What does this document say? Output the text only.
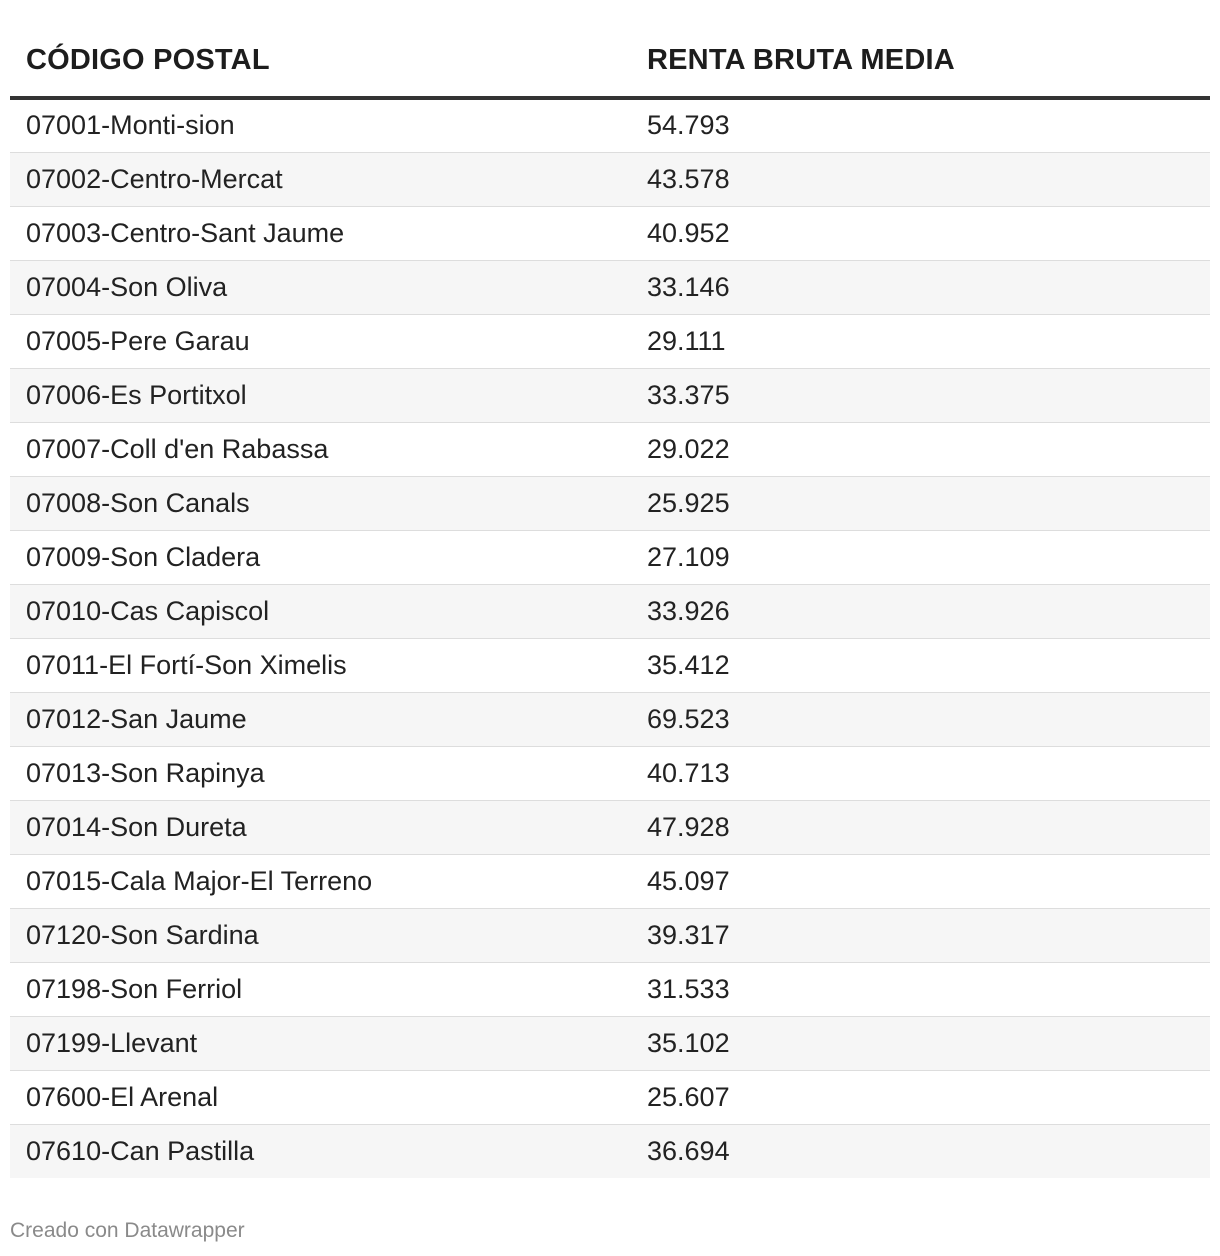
CÓDIGO POSTAL	RENTA BRUTA MEDIA
07001-Monti-sion	54.793
07002-Centro-Mercat	43.578
07003-Centro-Sant Jaume	40.952
07004-Son Oliva	33.146
07005-Pere Garau	29.111
07006-Es Portitxol	33.375
07007-Coll d'en Rabassa	29.022
07008-Son Canals	25.925
07009-Son Cladera	27.109
07010-Cas Capiscol	33.926
07011-El Fortí-Son Ximelis	35.412
07012-San Jaume	69.523
07013-Son Rapinya	40.713
07014-Son Dureta	47.928
07015-Cala Major-El Terreno	45.097
07120-Son Sardina	39.317
07198-Son Ferriol	31.533
07199-Llevant	35.102
07600-El Arenal	25.607
07610-Can Pastilla	36.694
Creado con Datawrapper
